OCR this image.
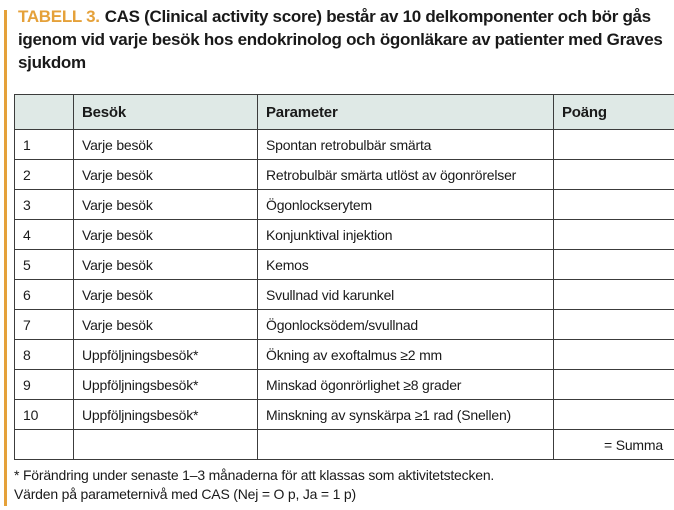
TABELL 3. CAS (Clinical activity score) består av 10 delkomponenter och bör gås igenom vid varje besök hos endokrinolog och ögonläkare av patienter med Graves sjukdom
	Besök	Parameter	Poäng
1	Varje besök	Spontan retrobulbär smärta	
2	Varje besök	Retrobulbär smärta utlöst av ögonrörelser	
3	Varje besök	Ögonlockserytem	
4	Varje besök	Konjunktival injektion	
5	Varje besök	Kemos	
6	Varje besök	Svullnad vid karunkel	
7	Varje besök	Ögonlocksödem/svullnad	
8	Uppföljningsbesök*	Ökning av exoftalmus ≥2 mm	
9	Uppföljningsbesök*	Minskad ögonrörlighet ≥8 grader	
10	Uppföljningsbesök*	Minskning av synskärpa ≥1 rad (Snellen)	
			= Summa
* Förändring under senaste 1–3 månaderna för att klassas som aktivitetstecken.
Värden på parameternivå med CAS (Nej = O p, Ja = 1 p)
